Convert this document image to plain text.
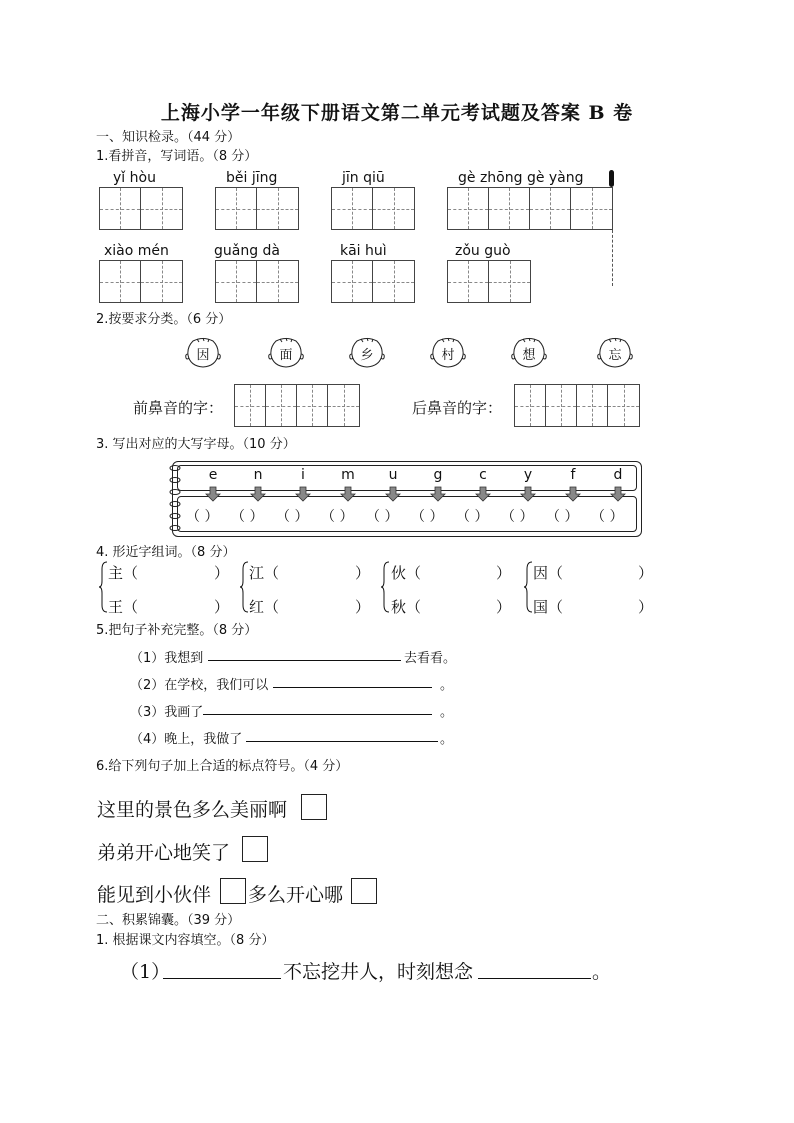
上海小学一年级下册语文第二单元考试题及答案 B 卷
一、知识检录。（44 分）
1.看拼音，写词语。（8 分）
yǐ hòu	běi jīng	jīn qiū	gè zhōng gè yàng
xiào mén	guǎng dà	kāi huì	zǒu guò
2.按要求分类。（6 分）
因	面	乡	村	想	忘
前鼻音的字：	后鼻音的字：
3. 写出对应的大写字母。（10 分）
e	n	i	m	u	g	c	y	f	d
（ ） （ ） （ ） （ ） （ ） （ ） （ ） （ ） （ ） （ ）
4. 形近字组词。（8 分）
主（	）
王（	）
江（	）
红（	）
伙（	）
秋（	）
因（	）
国（	）
5.把句子补充完整。（8 分）
（1）我想到	去看看。
（2）在学校，我们可以	。
（3）我画了	。
（4）晚上，我做了	。
6.给下列句子加上合适的标点符号。（4 分）
这里的景色多么美丽啊
弟弟开心地笑了
能见到小伙伴 多么开心哪
二、积累锦囊。（39 分）
1. 根据课文内容填空。（8 分）
（1）	不忘挖井人，时刻想念	。
